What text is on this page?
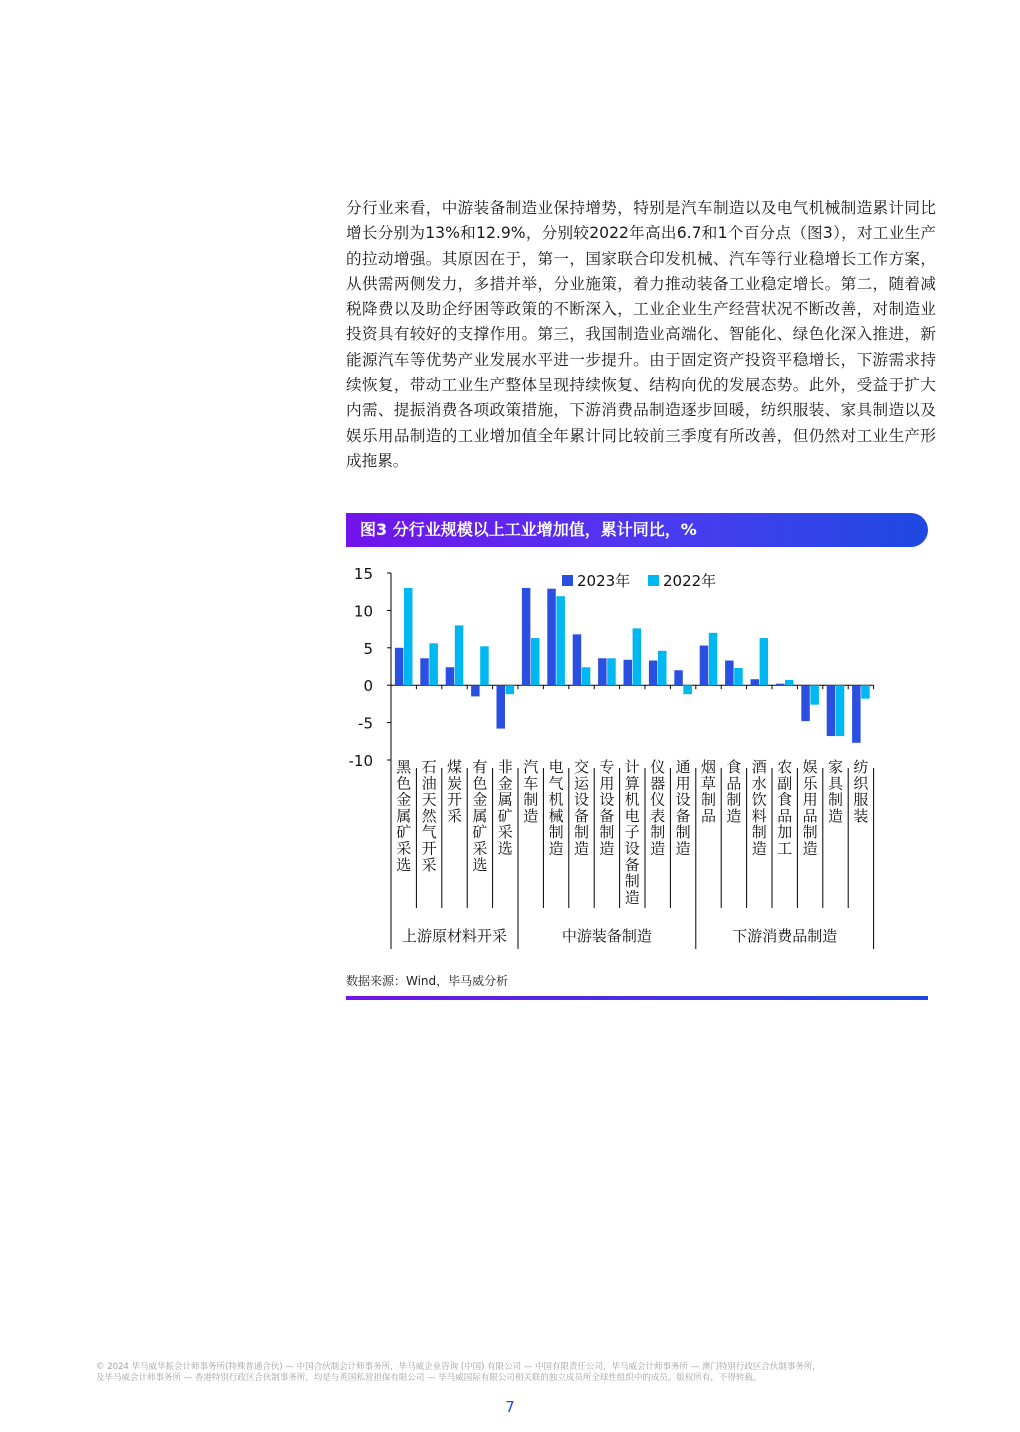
分行业来看，中游装备制造业保持增势，特别是汽车制造以及电气机械制造累计同比增长分别为13%和12.9%，分别较2022年高出6.7和1个百分点（图3），对工业生产的拉动增强。其原因在于，第一，国家联合印发机械、汽车等行业稳增长工作方案，从供需两侧发力，多措并举，分业施策，着力推动装备工业稳定增长。第二，随着减税降费以及助企纾困等政策的不断深入，工业企业生产经营状况不断改善，对制造业投资具有较好的支撑作用。第三，我国制造业高端化、智能化、绿色化深入推进，新能源汽车等优势产业发展水平进一步提升。由于固定资产投资平稳增长，下游需求持续恢复，带动工业生产整体呈现持续恢复、结构向优的发展态势。此外，受益于扩大内需、提振消费各项政策措施，下游消费品制造逐步回暖，纺织服装、家具制造以及娱乐用品制造的工业增加值全年累计同比较前三季度有所改善，但仍然对工业生产形成拖累。

图3 分行业规模以上工业增加值，累计同比，%
15
10
5
0
-5
-10
2023年 2022年
黑色金属矿采选
石油天然气开采
煤炭开采
有色金属矿采选
非金属矿采选
汽车制造
电气机械制造
交运设备制造
专用设备制造
计算机电子设备制造
仪器仪表制造
通用设备制造
烟草制品
食品制造
酒水饮料制造
农副食品加工
娱乐用品制造
家具制造
纺织服装
上游原材料开采	中游装备制造	下游消费品制造
数据来源：Wind，毕马威分析
© 2024 毕马威华振会计师事务所(特殊普通合伙) — 中国合伙制会计师事务所，毕马威企业咨询 (中国) 有限公司 — 中国有限责任公司，毕马威会计师事务所 — 澳门特别行政区合伙制事务所，
及毕马威会计师事务所 — 香港特别行政区合伙制事务所，均是与英国私营担保有限公司 — 毕马威国际有限公司相关联的独立成员所全球性组织中的成员。版权所有，不得转载。
7
